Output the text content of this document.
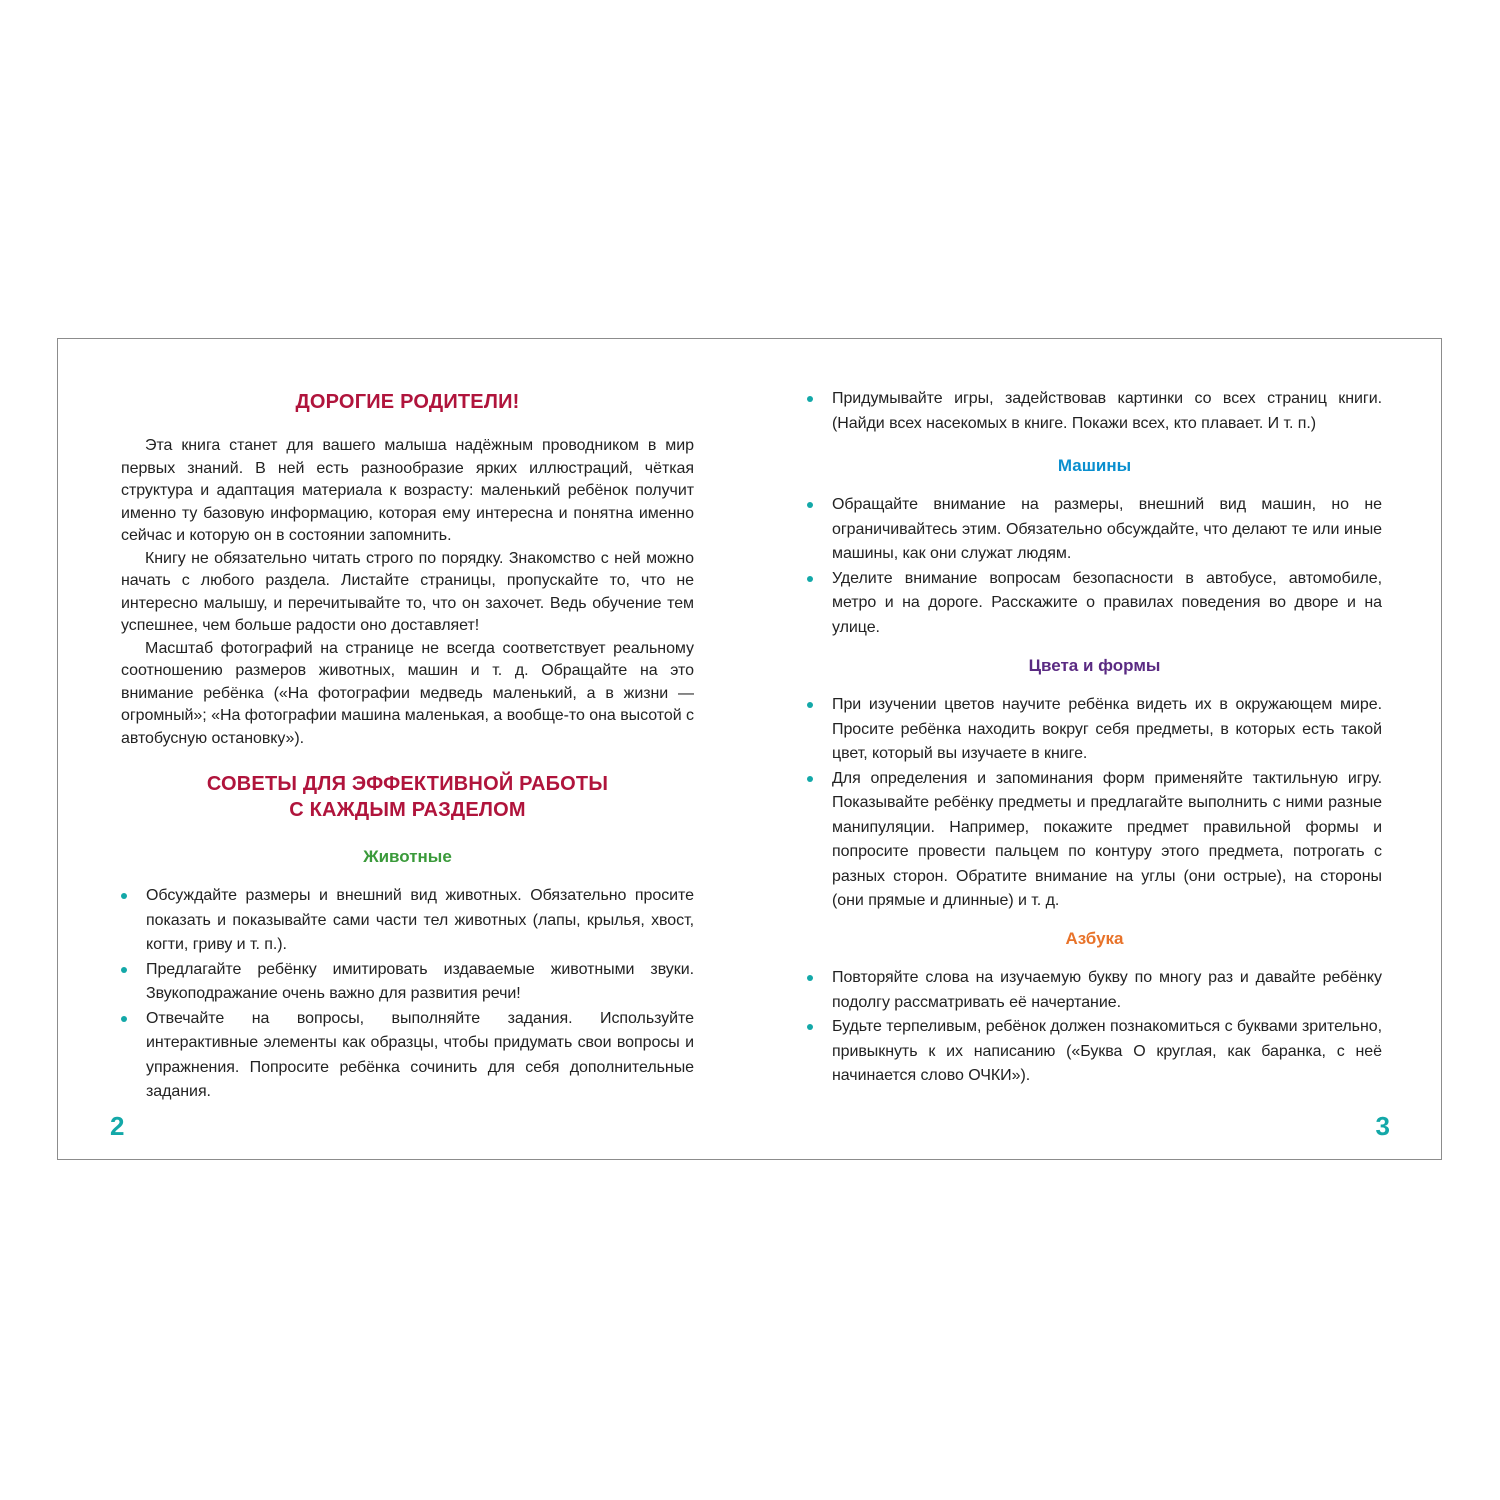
ДОРОГИЕ РОДИТЕЛИ!

Эта книга станет для вашего малыша надёжным проводником в мир первых знаний. В ней есть разнообразие ярких иллюстраций, чёткая структура и адаптация материала к возрасту: маленький ребёнок получит именно ту базовую информацию, которая ему интересна и понятна именно сейчас и которую он в состоянии запомнить.

Книгу не обязательно читать строго по порядку. Знакомство с ней можно начать с любого раздела. Листайте страницы, пропускайте то, что не интересно малышу, и перечитывайте то, что он захочет. Ведь обучение тем успешнее, чем больше радости оно доставляет!

Масштаб фотографий на странице не всегда соответствует реальному соотношению размеров животных, машин и т. д. Обращайте на это внимание ребёнка («На фотографии медведь маленький, а в жизни — огромный»; «На фотографии машина маленькая, а вообще-то она высотой с автобусную остановку»).

СОВЕТЫ ДЛЯ ЭФФЕКТИВНОЙ РАБОТЫ
С КАЖДЫМ РАЗДЕЛОМ
Животные
Обсуждайте размеры и внешний вид животных. Обязательно просите показать и показывайте сами части тел животных (лапы, крылья, хвост, когти, гриву и т. п.).
Предлагайте ребёнку имитировать издаваемые животными звуки. Звукоподражание очень важно для развития речи!
Отвечайте на вопросы, выполняйте задания. Используйте интерактивные элементы как образцы, чтобы придумать свои вопросы и упражнения. Попросите ребёнка сочинить для себя дополнительные задания.
2
Придумывайте игры, задействовав картинки со всех страниц книги. (Найди всех насекомых в книге. Покажи всех, кто плавает. И т. п.)
Машины
Обращайте внимание на размеры, внешний вид машин, но не ограничивайтесь этим. Обязательно обсуждайте, что делают те или иные машины, как они служат людям.
Уделите внимание вопросам безопасности в автобусе, автомобиле, метро и на дороге. Расскажите о правилах поведения во дворе и на улице.
Цвета и формы
При изучении цветов научите ребёнка видеть их в окружающем мире. Просите ребёнка находить вокруг себя предметы, в которых есть такой цвет, который вы изучаете в книге.
Для определения и запоминания форм применяйте тактильную игру. Показывайте ребёнку предметы и предлагайте выполнить с ними разные манипуляции. Например, покажите предмет правильной формы и попросите провести пальцем по контуру этого предмета, потрогать с разных сторон. Обратите внимание на углы (они острые), на стороны (они прямые и длинные) и т. д.
Азбука
Повторяйте слова на изучаемую букву по многу раз и давайте ребёнку подолгу рассматривать её начертание.
Будьте терпеливым, ребёнок должен познакомиться с буквами зрительно, привыкнуть к их написанию («Буква О круглая, как баранка, с неё начинается слово ОЧКИ»).
3
